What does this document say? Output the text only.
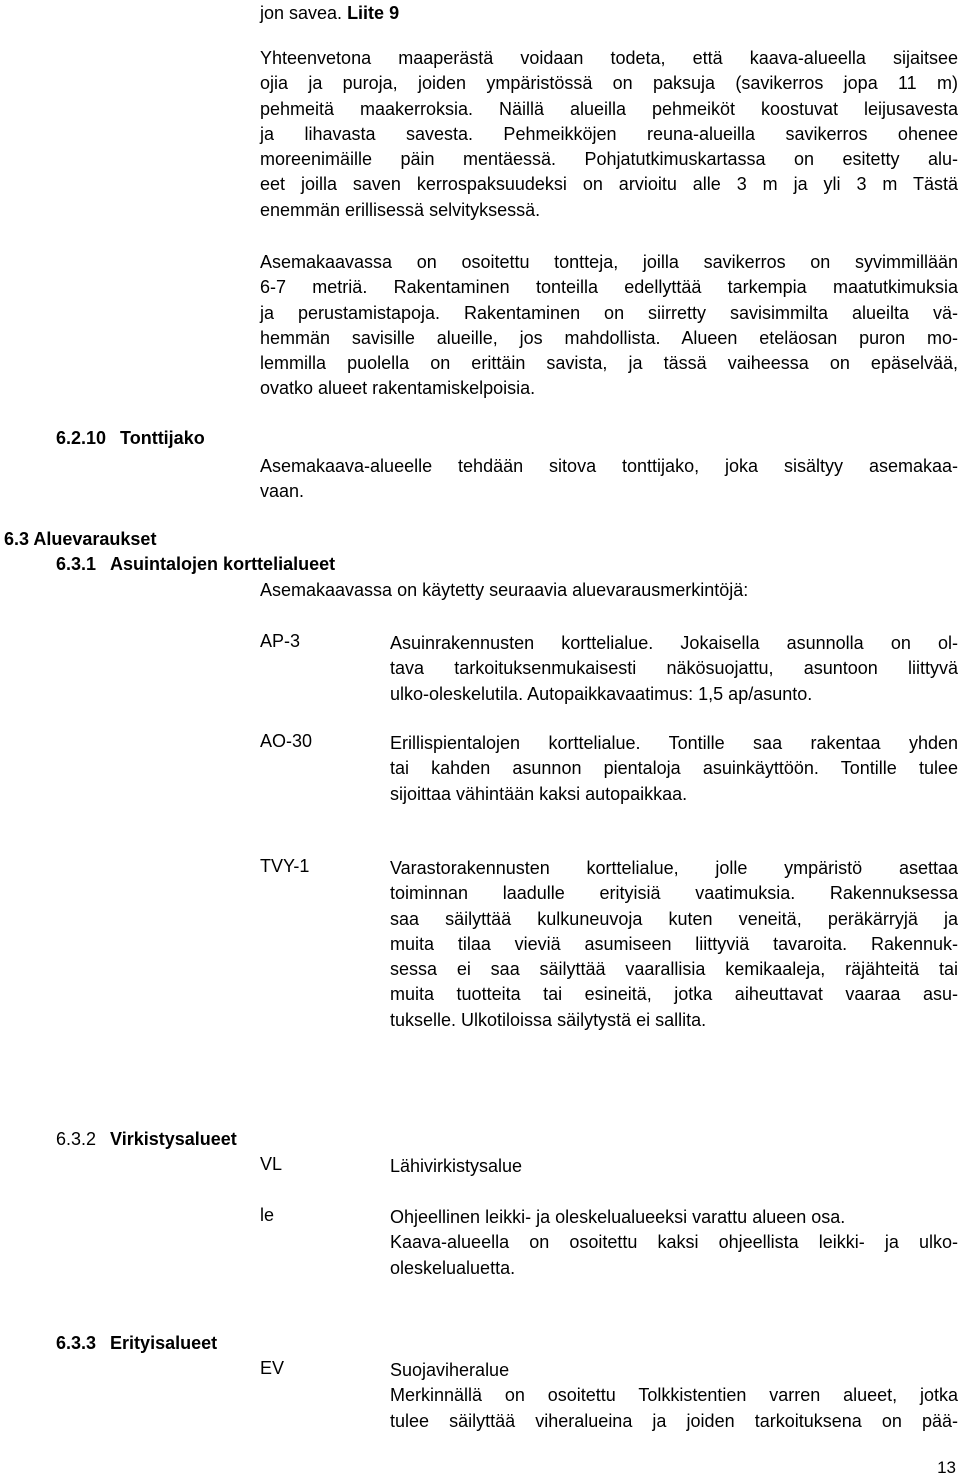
jon savea. Liite 9
Yhteenvetona maaperästä voidaan todeta, että kaava-alueella sijaitsee
ojia ja puroja, joiden ympäristössä on paksuja (savikerros jopa 11 m)
pehmeitä maakerroksia. Näillä alueilla pehmeiköt koostuvat leijusavesta
ja lihavasta savesta. Pehmeikköjen reuna-alueilla savikerros ohenee
moreenimäille päin mentäessä. Pohjatutkimuskartassa on esitetty alu-
eet joilla saven kerrospaksuudeksi on arvioitu alle 3 m ja yli 3 m Tästä
enemmän erillisessä selvityksessä.
Asemakaavassa on osoitettu tontteja, joilla savikerros on syvimmillään
6-7 metriä. Rakentaminen tonteilla edellyttää tarkempia maatutkimuksia
ja perustamistapoja. Rakentaminen on siirretty savisimmilta alueilta vä-
hemmän savisille alueille, jos mahdollista. Alueen eteläosan puron mo-
lemmilla puolella on erittäin savista, ja tässä vaiheessa on epäselvää,
ovatko alueet rakentamiskelpoisia.
6.2.10 Tonttijako
Asemakaava-alueelle tehdään sitova tonttijako, joka sisältyy asemakaa-
vaan.
6.3 Aluevaraukset
6.3.1 Asuintalojen korttelialueet
Asemakaavassa on käytetty seuraavia aluevarausmerkintöjä:
AP-3	Asuinrakennusten korttelialue. Jokaisella asunnolla on ol-
tava tarkoituksenmukaisesti näkösuojattu, asuntoon liittyvä
ulko-oleskelutila. Autopaikkavaatimus: 1,5 ap/asunto.
AO-30	Erillispientalojen korttelialue. Tontille saa rakentaa yhden
tai kahden asunnon pientaloja asuinkäyttöön. Tontille tulee
sijoittaa vähintään kaksi autopaikkaa.
TVY-1	Varastorakennusten korttelialue, jolle ympäristö asettaa
toiminnan laadulle erityisiä vaatimuksia. Rakennuksessa
saa säilyttää kulkuneuvoja kuten veneitä, peräkärryjä ja
muita tilaa vieviä asumiseen liittyviä tavaroita. Rakennuk-
sessa ei saa säilyttää vaarallisia kemikaaleja, räjähteitä tai
muita tuotteita tai esineitä, jotka aiheuttavat vaaraa asu-
tukselle. Ulkotiloissa säilytystä ei sallita.
6.3.2 Virkistysalueet
VL	Lähivirkistysalue
le	Ohjeellinen leikki- ja oleskelualueeksi varattu alueen osa.
Kaava-alueella on osoitettu kaksi ohjeellista leikki- ja ulko-
oleskelualuetta.
6.3.3 Erityisalueet
EV	Suojaviheralue
Merkinnällä on osoitettu Tolkkistentien varren alueet, jotka
tulee säilyttää viheralueina ja joiden tarkoituksena on pää-
13
